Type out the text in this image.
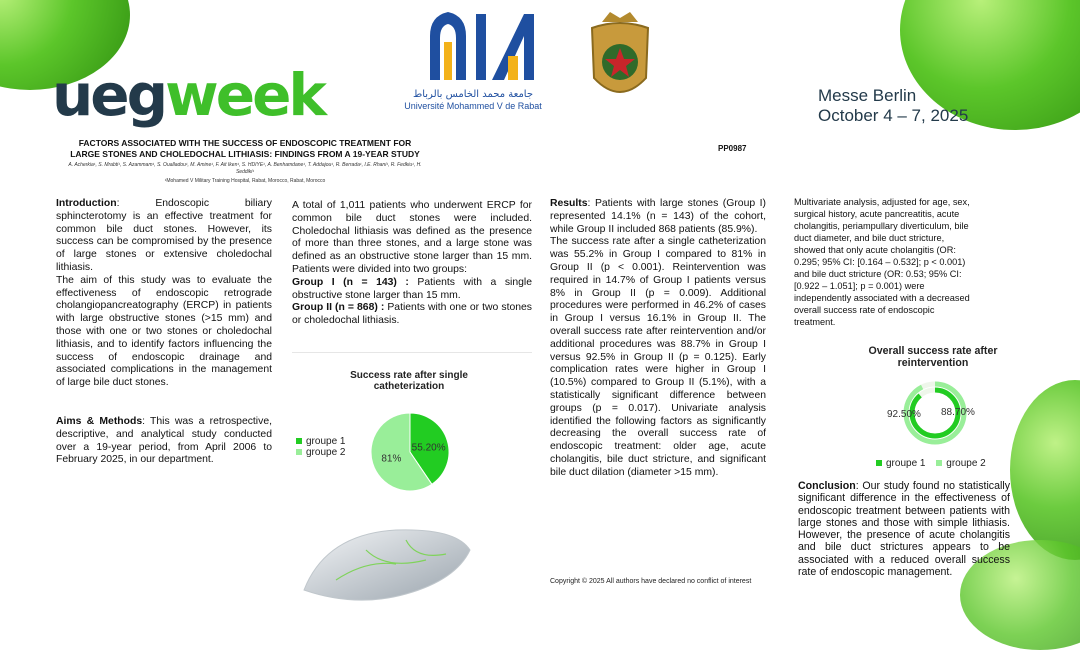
uegweek	جامعة محمد الخامس بالرباط
Université Mohammed V de Rabat
Messe Berlin
October 4 – 7, 2025
FACTORS ASSOCIATED WITH THE SUCCESS OF ENDOSCOPIC TREATMENT FOR
LARGE STONES AND CHOLEDOCHAL LITHIASIS: FINDINGS FROM A 19-YEAR STUDY
A. Acherkia¹, S. Mrabti¹, S. Azammam¹, S. Oualladou¹, M. Amine¹, F. Ait Iken¹, S. HDIYE¹, A. Benhamdane¹, T. Addajou¹, R. Berrada¹, I.E. Rhani¹, R. Fedkiu¹, H. Seddiki¹
¹Mohamed V Military Training Hospital, Rabat, Morocco, Rabat, Morocco
PP0987

Introduction: Endoscopic biliary sphincterotomy is an effective treatment for common bile duct stones. However, its success can be compromised by the presence of large stones or extensive choledochal lithiasis.

The aim of this study was to evaluate the effectiveness of endoscopic retrograde cholangiopancreatography (ERCP) in patients with large obstructive stones (>15 mm) and those with one or two stones or choledochal lithiasis, and to identify factors influencing the success of endoscopic drainage and associated complications in the management of large bile duct stones.

Aims & Methods: This was a retrospective, descriptive, and analytical study conducted over a 19-year period, from April 2006 to February 2025, in our department.

A total of 1,011 patients who underwent ERCP for common bile duct stones were included. Choledochal lithiasis was defined as the presence of more than three stones, and a large stone was defined as an obstructive stone larger than 15 mm. Patients were divided into two groups:

Group I (n = 143) : Patients with a single obstructive stone larger than 15 mm.

Group II (n = 868) : Patients with one or two stones or choledochal lithiasis.

Success rate after single catheterization
groupe 1
groupe 2	55.20%
81%

Results: Patients with large stones (Group I) represented 14.1% (n = 143) of the cohort, while Group II included 868 patients (85.9%).

The success rate after a single catheterization was 55.2% in Group I compared to 81% in Group II (p < 0.001). Reintervention was required in 14.7% of Group I patients versus 8% in Group II (p = 0.009). Additional procedures were performed in 46.2% of cases in Group I versus 16.1% in Group II. The overall success rate after reintervention and/or additional procedures was 88.7% in Group I versus 92.5% in Group II (p = 0.125). Early complication rates were higher in Group I (10.5%) compared to Group II (5.1%), with a statistically significant difference between groups (p = 0.017). Univariate analysis identified the following factors as significantly decreasing the overall success rate of endoscopic treatment: older age, acute cholangitis, bile duct stricture, and significant bile duct dilation (diameter >15 mm).

Copyright © 2025 All authors have declared no conflict of interest

Multivariate analysis, adjusted for age, sex, surgical history, acute pancreatitis, acute cholangitis, periampullary diverticulum, bile duct diameter, and bile duct stricture, showed that only acute cholangitis (OR: 0.295; 95% CI: [0.164 – 0.532]; p < 0.001) and bile duct stricture (OR: 0.53; 95% CI: [0.922 – 1.051]; p = 0.001) were independently associated with a decreased overall success rate of endoscopic treatment.

Overall success rate after reintervention
92.50% 88.70%
groupe 1 groupe 2

Conclusion: Our study found no statistically significant difference in the effectiveness of endoscopic treatment between patients with large stones and those with simple lithiasis. However, the presence of acute cholangitis and bile duct strictures appears to be associated with a reduced overall success rate of endoscopic management.
